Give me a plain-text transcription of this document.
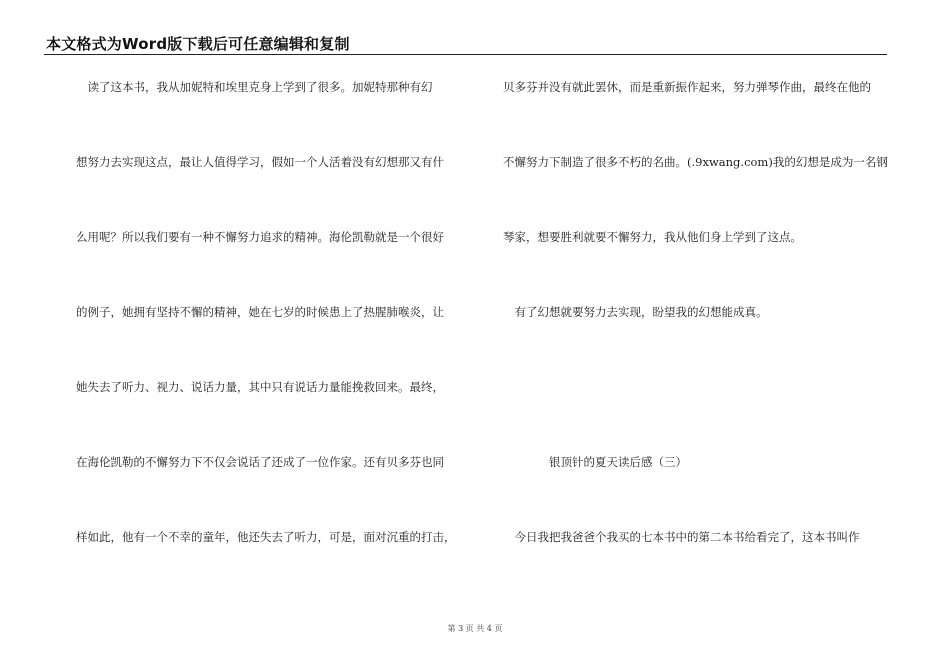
本文格式为Word版下载后可任意编辑和复制
　读了这本书，我从加妮特和埃里克身上学到了很多。加妮特那种有幻
想努力去实现这点，最让人值得学习，假如一个人活着没有幻想那又有什
么用呢？所以我们要有一种不懈努力追求的精神。海伦凯勒就是一个很好
的例子，她拥有坚持不懈的精神，她在七岁的时候患上了热腥肺喉炎，让
她失去了听力、视力、说话力量，其中只有说话力量能挽救回来。最终，
在海伦凯勒的不懈努力下不仅会说话了还成了一位作家。还有贝多芬也同
样如此，他有一个不幸的童年，他还失去了听力，可是，面对沉重的打击，
贝多芬并没有就此罢休，而是重新振作起来，努力弹琴作曲，最终在他的
不懈努力下制造了很多不朽的名曲。(.9xwang.com)我的幻想是成为一名钢
琴家，想要胜利就要不懈努力，我从他们身上学到了这点。
　有了幻想就要努力去实现，盼望我的幻想能成真。
　　　　银顶针的夏天读后感（三）
　今日我把我爸爸个我买的七本书中的第二本书给看完了，这本书叫作
第 3 页 共 4 页
